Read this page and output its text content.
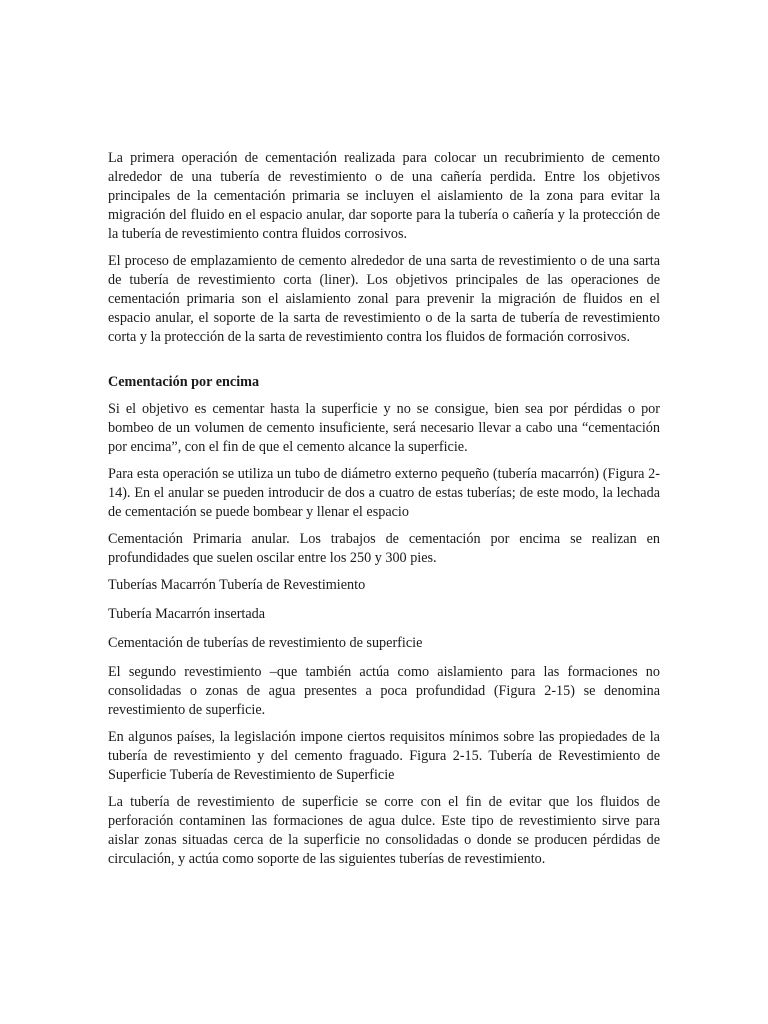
La primera operación de cementación realizada para colocar un recubrimiento de cemento alrededor de una tubería de revestimiento o de una cañería perdida. Entre los objetivos principales de la cementación primaria se incluyen el aislamiento de la zona para evitar la migración del fluido en el espacio anular, dar soporte para la tubería o cañería y la protección de la tubería de revestimiento contra fluidos corrosivos.

El proceso de emplazamiento de cemento alrededor de una sarta de revestimiento o de una sarta de tubería de revestimiento corta (liner). Los objetivos principales de las operaciones de cementación primaria son el aislamiento zonal para prevenir la migración de fluidos en el espacio anular, el soporte de la sarta de revestimiento o de la sarta de tubería de revestimiento corta y la protección de la sarta de revestimiento contra los fluidos de formación corrosivos.

Cementación por encima

Si el objetivo es cementar hasta la superficie y no se consigue, bien sea por pérdidas o por bombeo de un volumen de cemento insuficiente, será necesario llevar a cabo una “cementación por encima”, con el fin de que el cemento alcance la superficie.

Para esta operación se utiliza un tubo de diámetro externo pequeño (tubería macarrón) (Figura 2-14). En el anular se pueden introducir de dos a cuatro de estas tuberías; de este modo, la lechada de cementación se puede bombear y llenar el espacio

Cementación Primaria anular. Los trabajos de cementación por encima se realizan en profundidades que suelen oscilar entre los 250 y 300 pies.

Tuberías Macarrón Tubería de Revestimiento

Tubería Macarrón insertada

Cementación de tuberías de revestimiento de superficie

El segundo revestimiento –que también actúa como aislamiento para las formaciones no consolidadas o zonas de agua presentes a poca profundidad (Figura 2-15) se denomina revestimiento de superficie.

En algunos países, la legislación impone ciertos requisitos mínimos sobre las propiedades de la tubería de revestimiento y del cemento fraguado. Figura 2-15. Tubería de Revestimiento de Superficie Tubería de Revestimiento de Superficie

La tubería de revestimiento de superficie se corre con el fin de evitar que los fluidos de perforación contaminen las formaciones de agua dulce. Este tipo de revestimiento sirve para aislar zonas situadas cerca de la superficie no consolidadas o donde se producen pérdidas de circulación, y actúa como soporte de las siguientes tuberías de revestimiento.
